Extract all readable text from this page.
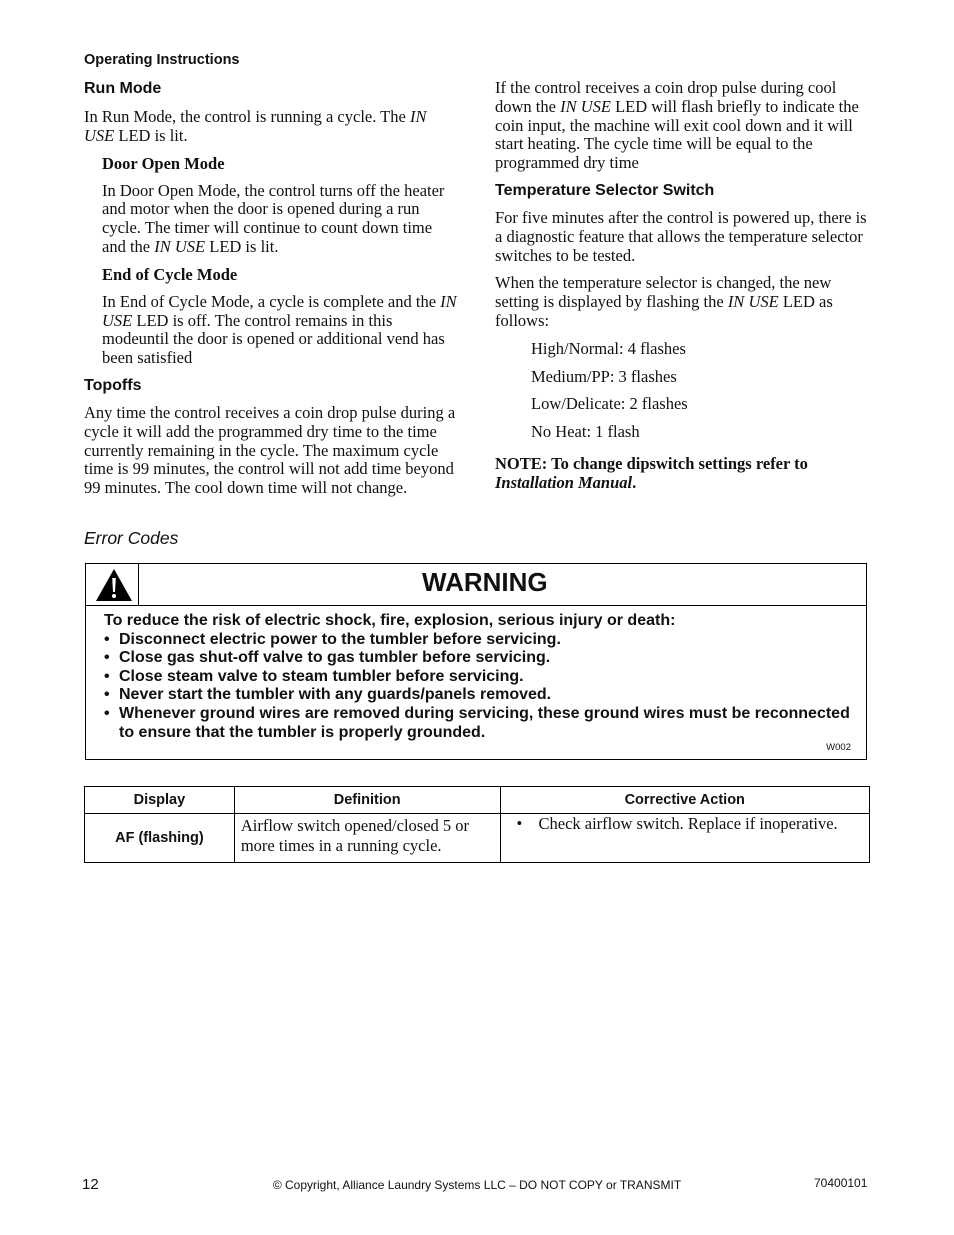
Operating Instructions
Run Mode

In Run Mode, the control is running a cycle. The IN USE LED is lit.

Door Open Mode

In Door Open Mode, the control turns off the heater and motor when the door is opened during a run cycle. The timer will continue to count down time and the IN USE LED is lit.

End of Cycle Mode

In End of Cycle Mode, a cycle is complete and the IN USE LED is off. The control remains in this modeuntil the door is opened or additional vend has been satisfied

Topoffs

Any time the control receives a coin drop pulse during a cycle it will add the programmed dry time to the time currently remaining in the cycle. The maximum cycle time is 99 minutes, the control will not add time beyond 99 minutes. The cool down time will not change.

If the control receives a coin drop pulse during cool down the IN USE LED will flash briefly to indicate the coin input, the machine will exit cool down and it will start heating. The cycle time will be equal to the programmed dry time

Temperature Selector Switch

For five minutes after the control is powered up, there is a diagnostic feature that allows the temperature selector switches to be tested.

When the temperature selector is changed, the new setting is displayed by flashing the IN USE LED as follows:

High/Normal: 4 flashes

Medium/PP: 3 flashes

Low/Delicate: 2 flashes

No Heat: 1 flash

NOTE: To change dipswitch settings refer to Installation Manual.

Error Codes
WARNING
To reduce the risk of electric shock, fire, explosion, serious injury or death:
• Disconnect electric power to the tumbler before servicing.
• Close gas shut-off valve to gas tumbler before servicing.
• Close steam valve to steam tumbler before servicing.
• Never start the tumbler with any guards/panels removed.
• Whenever ground wires are removed during servicing, these ground wires must be reconnected to ensure that the tumbler is properly grounded.
W002
Display	Definition	Corrective Action
AF (flashing)	Airflow switch opened/closed 5 or more times in a running cycle.	• Check airflow switch. Replace if inoperative.
12	© Copyright, Alliance Laundry Systems LLC – DO NOT COPY or TRANSMIT	70400101
